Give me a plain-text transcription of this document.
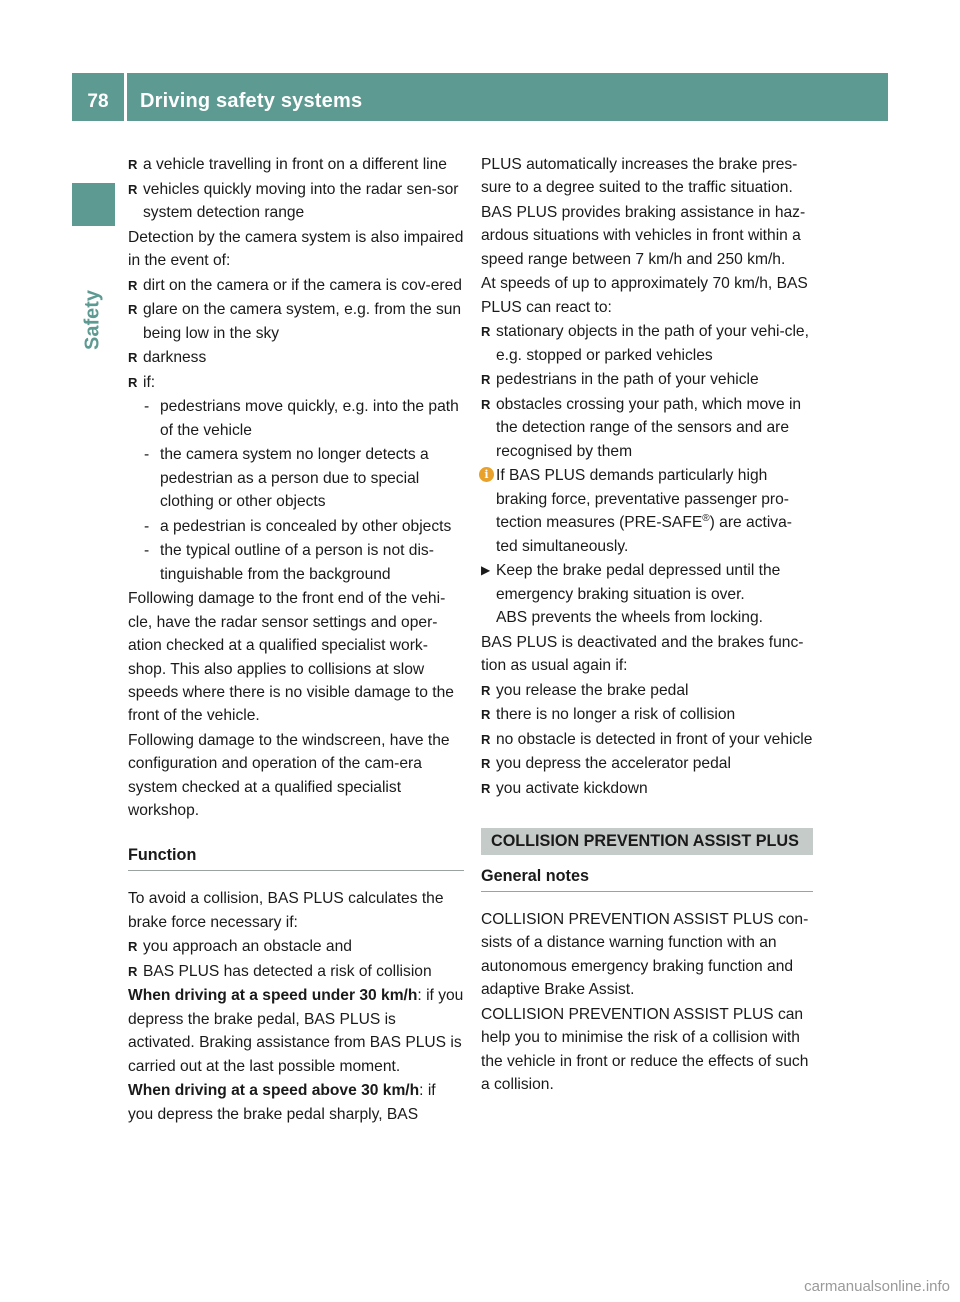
78	Driving safety systems
Safety
R a vehicle travelling in front on a different line
R vehicles quickly moving into the radar sen-sor system detection range

Detection by the camera system is also impaired in the event of:

R dirt on the camera or if the camera is cov-ered
R glare on the camera system, e.g. from the sun being low in the sky
R darkness
R if:
- pedestrians move quickly, e.g. into the path of the vehicle
- the camera system no longer detects a pedestrian as a person due to special clothing or other objects
- a pedestrian is concealed by other objects
- the typical outline of a person is not dis-tinguishable from the background

Following damage to the front end of the vehi-cle, have the radar sensor settings and oper-ation checked at a qualified specialist work-shop. This also applies to collisions at slow speeds where there is no visible damage to the front of the vehicle.

Following damage to the windscreen, have the configuration and operation of the cam-era system checked at a qualified specialist workshop.

Function

To avoid a collision, BAS PLUS calculates the brake force necessary if:

R you approach an obstacle and
R BAS PLUS has detected a risk of collision

When driving at a speed under 30 km/h: if you depress the brake pedal, BAS PLUS is activated. Braking assistance from BAS PLUS is carried out at the last possible moment.

When driving at a speed above 30 km/h: if you depress the brake pedal sharply, BAS

PLUS automatically increases the brake pres-sure to a degree suited to the traffic situation.

BAS PLUS provides braking assistance in haz-ardous situations with vehicles in front within a speed range between 7 km/h and 250 km/h.

At speeds of up to approximately 70 km/h, BAS PLUS can react to:

R stationary objects in the path of your vehi-cle, e.g. stopped or parked vehicles
R pedestrians in the path of your vehicle
R obstacles crossing your path, which move in the detection range of the sensors and are recognised by them
i If BAS PLUS demands particularly high braking force, preventative passenger pro-tection measures (PRE-SAFE®) are activa-ted simultaneously.
▶ Keep the brake pedal depressed until the emergency braking situation is over.
ABS prevents the wheels from locking.

BAS PLUS is deactivated and the brakes func-tion as usual again if:

R you release the brake pedal
R there is no longer a risk of collision
R no obstacle is detected in front of your vehicle
R you depress the accelerator pedal
R you activate kickdown
COLLISION PREVENTION ASSIST PLUS
General notes

COLLISION PREVENTION ASSIST PLUS con-sists of a distance warning function with an autonomous emergency braking function and adaptive Brake Assist.

COLLISION PREVENTION ASSIST PLUS can help you to minimise the risk of a collision with the vehicle in front or reduce the effects of such a collision.

carmanualsonline.info
